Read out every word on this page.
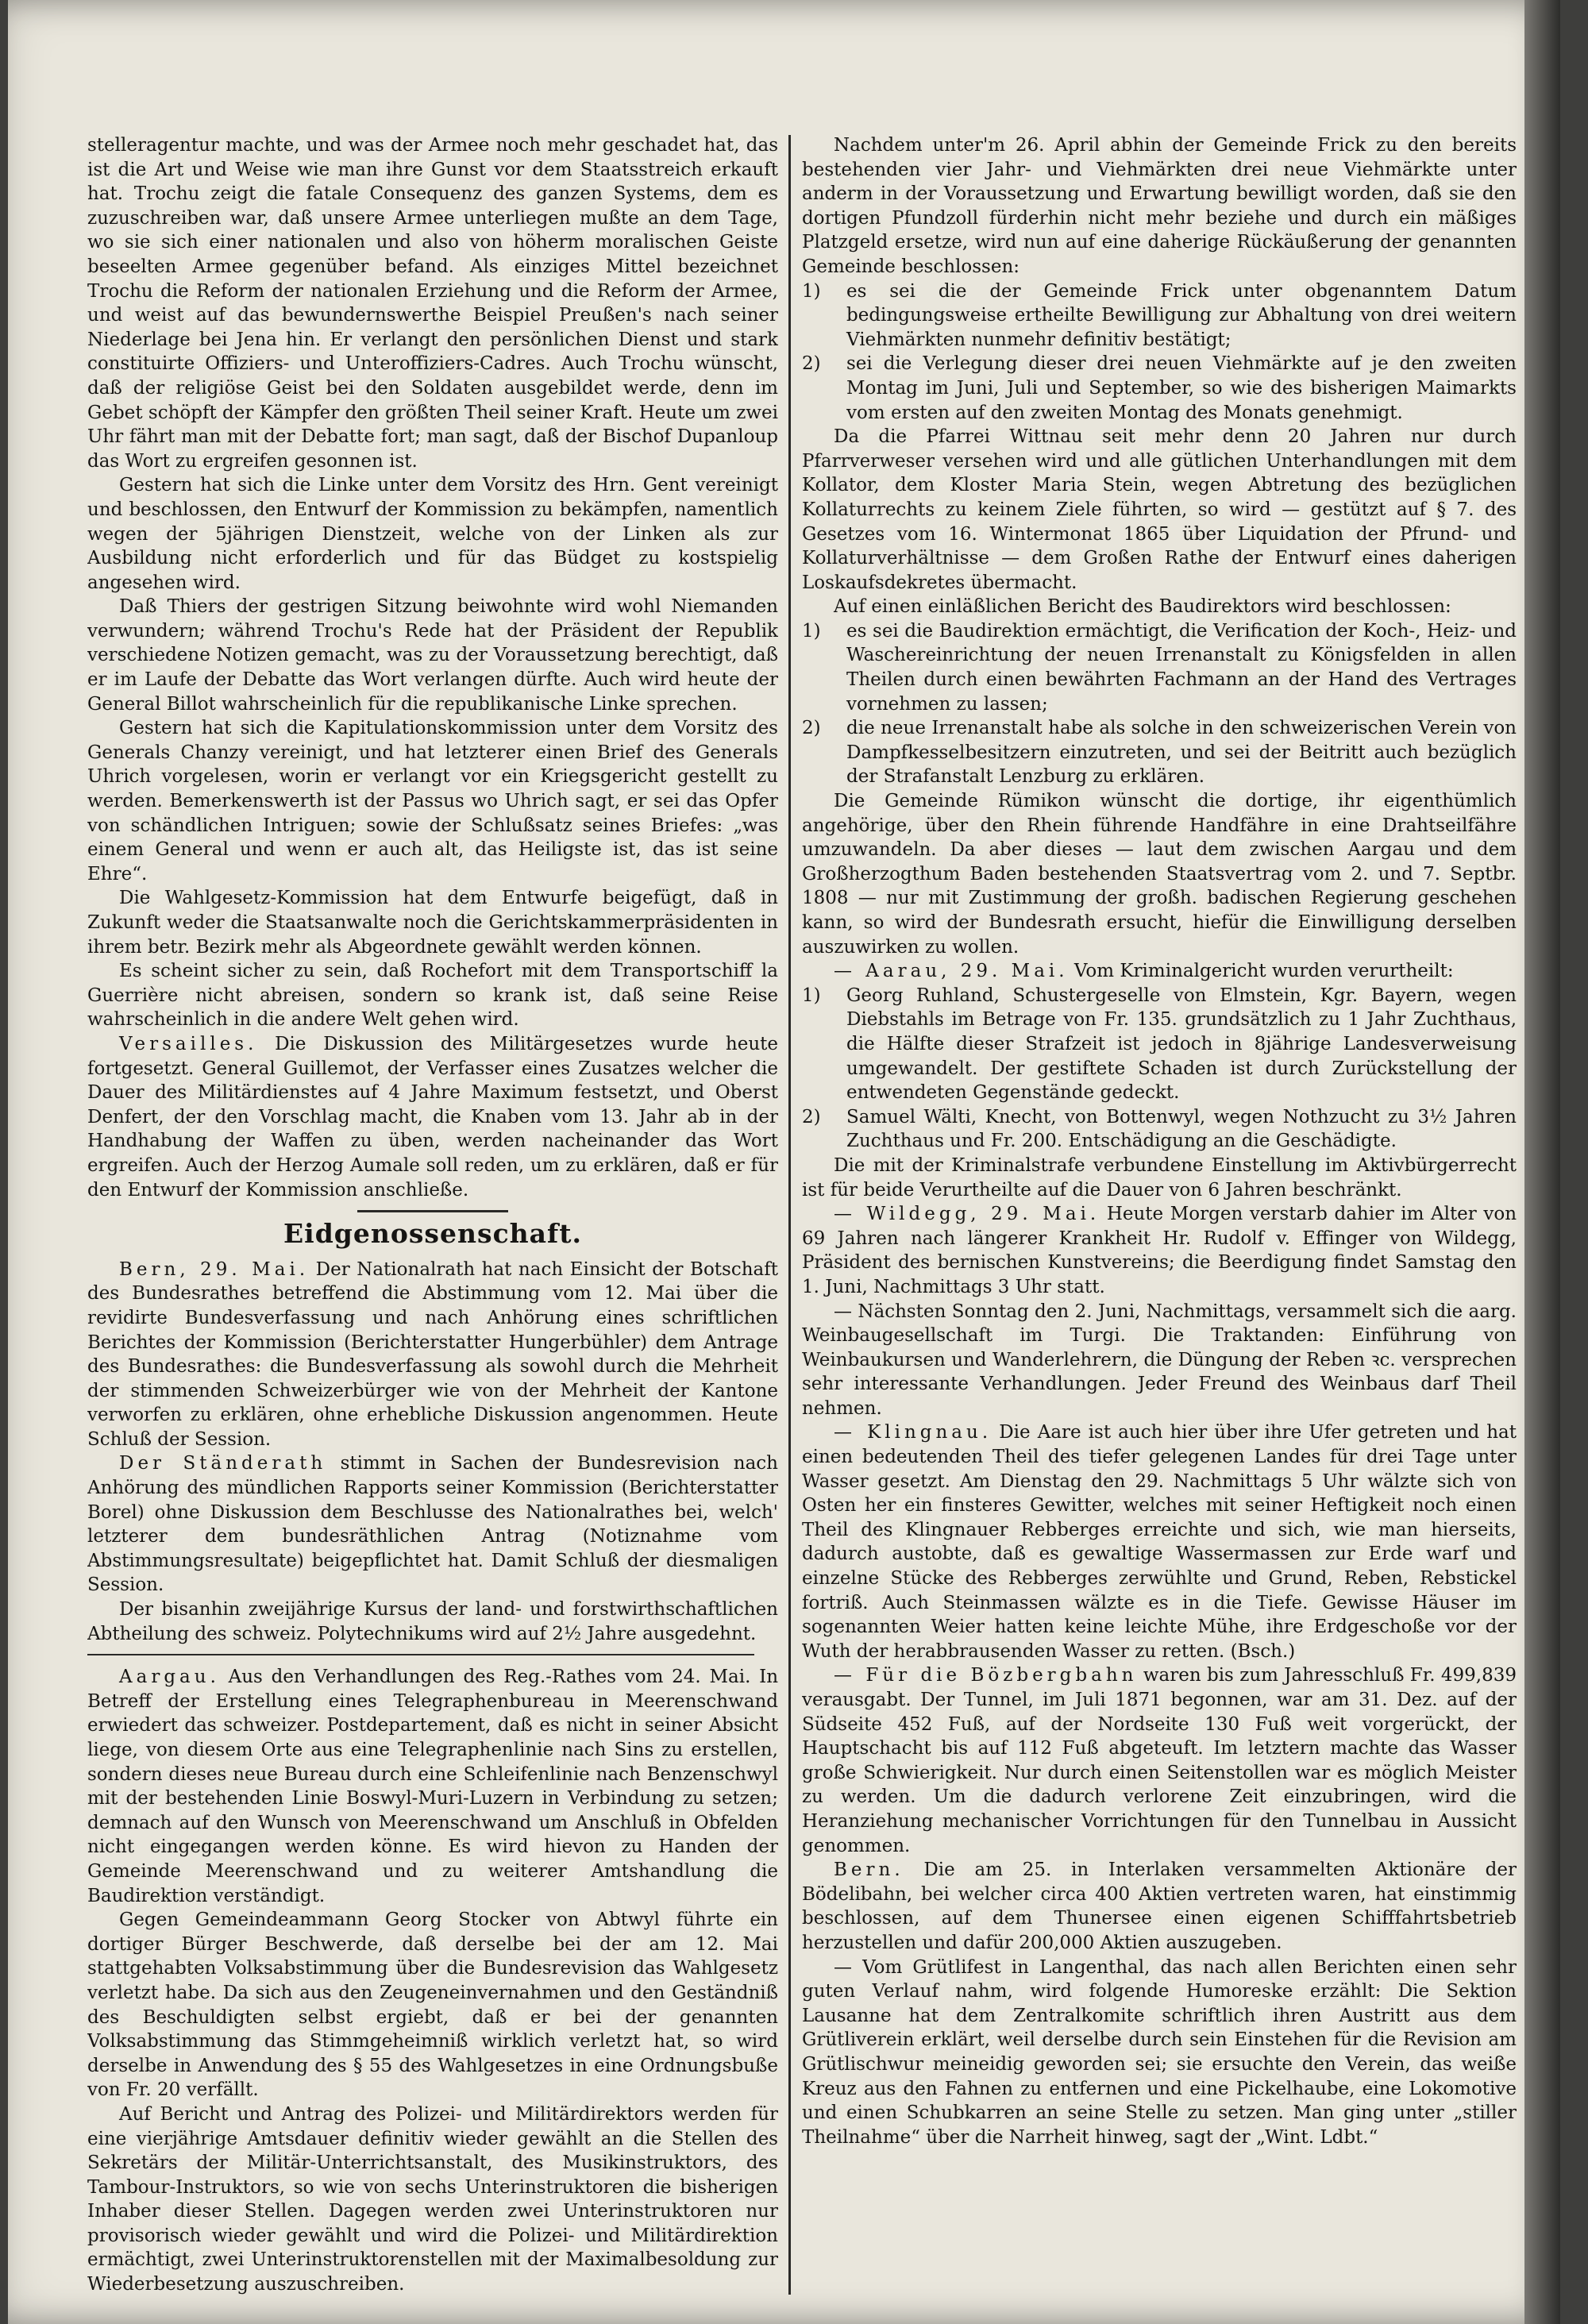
stelleragentur machte, und was der Armee noch mehr geschadet hat, das ist die Art und Weise wie man ihre Gunst vor dem Staatsstreich erkauft hat. Trochu zeigt die fatale Consequenz des ganzen Systems, dem es zuzuschreiben war, daß unsere Armee unterliegen mußte an dem Tage, wo sie sich einer nationalen und also von höherm moralischen Geiste beseelten Armee gegenüber befand. Als einziges Mittel bezeichnet Trochu die Reform der nationalen Erziehung und die Reform der Armee, und weist auf das bewundernswerthe Beispiel Preußen's nach seiner Niederlage bei Jena hin. Er verlangt den persönlichen Dienst und stark constituirte Offiziers- und Unteroffiziers-Cadres. Auch Trochu wünscht, daß der religiöse Geist bei den Soldaten ausgebildet werde, denn im Gebet schöpft der Kämpfer den größten Theil seiner Kraft. Heute um zwei Uhr fährt man mit der Debatte fort; man sagt, daß der Bischof Dupanloup das Wort zu ergreifen gesonnen ist.

Gestern hat sich die Linke unter dem Vorsitz des Hrn. Gent vereinigt und beschlossen, den Entwurf der Kommission zu bekämpfen, namentlich wegen der 5jährigen Dienstzeit, welche von der Linken als zur Ausbildung nicht erforderlich und für das Büdget zu kostspielig angesehen wird.

Daß Thiers der gestrigen Sitzung beiwohnte wird wohl Niemanden verwundern; während Trochu's Rede hat der Präsident der Republik verschiedene Notizen gemacht, was zu der Voraussetzung berechtigt, daß er im Laufe der Debatte das Wort verlangen dürfte. Auch wird heute der General Billot wahrscheinlich für die republikanische Linke sprechen.

Gestern hat sich die Kapitulationskommission unter dem Vorsitz des Generals Chanzy vereinigt, und hat letzterer einen Brief des Generals Uhrich vorgelesen, worin er verlangt vor ein Kriegsgericht gestellt zu werden. Bemerkenswerth ist der Passus wo Uhrich sagt, er sei das Opfer von schändlichen Intriguen; sowie der Schlußsatz seines Briefes: „was einem General und wenn er auch alt, das Heiligste ist, das ist seine Ehre“.

Die Wahlgesetz-Kommission hat dem Entwurfe beigefügt, daß in Zukunft weder die Staatsanwalte noch die Gerichtskammerpräsidenten in ihrem betr. Bezirk mehr als Abgeordnete gewählt werden können.

Es scheint sicher zu sein, daß Rochefort mit dem Transportschiff la Guerrière nicht abreisen, sondern so krank ist, daß seine Reise wahrscheinlich in die andere Welt gehen wird.

Versailles. Die Diskussion des Militärgesetzes wurde heute fortgesetzt. General Guillemot, der Verfasser eines Zusatzes welcher die Dauer des Militärdienstes auf 4 Jahre Maximum festsetzt, und Oberst Denfert, der den Vorschlag macht, die Knaben vom 13. Jahr ab in der Handhabung der Waffen zu üben, werden nacheinander das Wort ergreifen. Auch der Herzog Aumale soll reden, um zu erklären, daß er für den Entwurf der Kommission anschließe.

Eidgenossenschaft.

Bern, 29. Mai. Der Nationalrath hat nach Einsicht der Botschaft des Bundesrathes betreffend die Abstimmung vom 12. Mai über die revidirte Bundesverfassung und nach Anhörung eines schriftlichen Berichtes der Kommission (Berichterstatter Hungerbühler) dem Antrage des Bundesrathes: die Bundesverfassung als sowohl durch die Mehrheit der stimmenden Schweizerbürger wie von der Mehrheit der Kantone verworfen zu erklären, ohne erhebliche Diskussion angenommen. Heute Schluß der Session.

Der Ständerath stimmt in Sachen der Bundesrevision nach Anhörung des mündlichen Rapports seiner Kommission (Berichterstatter Borel) ohne Diskussion dem Beschlusse des Nationalrathes bei, welch' letzterer dem bundesräthlichen Antrag (Notiznahme vom Abstimmungsresultate) beigepflichtet hat. Damit Schluß der diesmaligen Session.

Der bisanhin zweijährige Kursus der land- und forstwirthschaftlichen Abtheilung des schweiz. Polytechnikums wird auf 2½ Jahre ausgedehnt.

Aargau. Aus den Verhandlungen des Reg.-Rathes vom 24. Mai. In Betreff der Erstellung eines Telegraphenbureau in Meerenschwand erwiedert das schweizer. Postdepartement, daß es nicht in seiner Absicht liege, von diesem Orte aus eine Telegraphenlinie nach Sins zu erstellen, sondern dieses neue Bureau durch eine Schleifenlinie nach Benzenschwyl mit der bestehenden Linie Boswyl-Muri-Luzern in Verbindung zu setzen; demnach auf den Wunsch von Meerenschwand um Anschluß in Obfelden nicht eingegangen werden könne. Es wird hievon zu Handen der Gemeinde Meerenschwand und zu weiterer Amtshandlung die Baudirektion verständigt.

Gegen Gemeindeammann Georg Stocker von Abtwyl führte ein dortiger Bürger Beschwerde, daß derselbe bei der am 12. Mai stattgehabten Volksabstimmung über die Bundesrevision das Wahlgesetz verletzt habe. Da sich aus den Zeugeneinvernahmen und den Geständniß des Beschuldigten selbst ergiebt, daß er bei der genannten Volksabstimmung das Stimmgeheimniß wirklich verletzt hat, so wird derselbe in Anwendung des § 55 des Wahlgesetzes in eine Ordnungsbuße von Fr. 20 verfällt.

Auf Bericht und Antrag des Polizei- und Militärdirektors werden für eine vierjährige Amtsdauer definitiv wieder gewählt an die Stellen des Sekretärs der Militär-Unterrichtsanstalt, des Musikinstruktors, des Tambour-Instruktors, so wie von sechs Unterinstruktoren die bisherigen Inhaber dieser Stellen. Dagegen werden zwei Unterinstruktoren nur provisorisch wieder gewählt und wird die Polizei- und Militärdirektion ermächtigt, zwei Unterinstruktorenstellen mit der Maximalbesoldung zur Wiederbesetzung auszuschreiben.

Nachdem unter'm 26. April abhin der Gemeinde Frick zu den bereits bestehenden vier Jahr- und Viehmärkten drei neue Viehmärkte unter anderm in der Voraussetzung und Erwartung bewilligt worden, daß sie den dortigen Pfundzoll fürderhin nicht mehr beziehe und durch ein mäßiges Platzgeld ersetze, wird nun auf eine daherige Rückäußerung der genannten Gemeinde beschlossen:

1) es sei die der Gemeinde Frick unter obgenanntem Datum bedingungsweise ertheilte Bewilligung zur Abhaltung von drei weitern Viehmärkten nunmehr definitiv bestätigt;
2) sei die Verlegung dieser drei neuen Viehmärkte auf je den zweiten Montag im Juni, Juli und September, so wie des bisherigen Maimarkts vom ersten auf den zweiten Montag des Monats genehmigt.

Da die Pfarrei Wittnau seit mehr denn 20 Jahren nur durch Pfarrverweser versehen wird und alle gütlichen Unterhandlungen mit dem Kollator, dem Kloster Maria Stein, wegen Abtretung des bezüglichen Kollaturrechts zu keinem Ziele führten, so wird — gestützt auf § 7. des Gesetzes vom 16. Wintermonat 1865 über Liquidation der Pfrund- und Kollaturverhältnisse — dem Großen Rathe der Entwurf eines daherigen Loskaufsdekretes übermacht.

Auf einen einläßlichen Bericht des Baudirektors wird beschlossen:

1) es sei die Baudirektion ermächtigt, die Verification der Koch-, Heiz- und Waschereinrichtung der neuen Irrenanstalt zu Königsfelden in allen Theilen durch einen bewährten Fachmann an der Hand des Vertrages vornehmen zu lassen;
2) die neue Irrenanstalt habe als solche in den schweizerischen Verein von Dampfkesselbesitzern einzutreten, und sei der Beitritt auch bezüglich der Strafanstalt Lenzburg zu erklären.

Die Gemeinde Rümikon wünscht die dortige, ihr eigenthümlich angehörige, über den Rhein führende Handfähre in eine Drahtseilfähre umzuwandeln. Da aber dieses — laut dem zwischen Aargau und dem Großherzogthum Baden bestehenden Staatsvertrag vom 2. und 7. Septbr. 1808 — nur mit Zustimmung der großh. badischen Regierung geschehen kann, so wird der Bundesrath ersucht, hiefür die Einwilligung derselben auszuwirken zu wollen.

— Aarau, 29. Mai. Vom Kriminalgericht wurden verurtheilt:

1) Georg Ruhland, Schustergeselle von Elmstein, Kgr. Bayern, wegen Diebstahls im Betrage von Fr. 135. grundsätzlich zu 1 Jahr Zuchthaus, die Hälfte dieser Strafzeit ist jedoch in 8jährige Landesverweisung umgewandelt. Der gestiftete Schaden ist durch Zurückstellung der entwendeten Gegenstände gedeckt.
2) Samuel Wälti, Knecht, von Bottenwyl, wegen Nothzucht zu 3½ Jahren Zuchthaus und Fr. 200. Entschädigung an die Geschädigte.

Die mit der Kriminalstrafe verbundene Einstellung im Aktivbürgerrecht ist für beide Verurtheilte auf die Dauer von 6 Jahren beschränkt.

— Wildegg, 29. Mai. Heute Morgen verstarb dahier im Alter von 69 Jahren nach längerer Krankheit Hr. Rudolf v. Effinger von Wildegg, Präsident des bernischen Kunstvereins; die Beerdigung findet Samstag den 1. Juni, Nachmittags 3 Uhr statt.

— Nächsten Sonntag den 2. Juni, Nachmittags, versammelt sich die aarg. Weinbaugesellschaft im Turgi. Die Traktanden: Einführung von Weinbaukursen und Wanderlehrern, die Düngung der Reben ꝛc. versprechen sehr interessante Verhandlungen. Jeder Freund des Weinbaus darf Theil nehmen.

— Klingnau. Die Aare ist auch hier über ihre Ufer getreten und hat einen bedeutenden Theil des tiefer gelegenen Landes für drei Tage unter Wasser gesetzt. Am Dienstag den 29. Nachmittags 5 Uhr wälzte sich von Osten her ein finsteres Gewitter, welches mit seiner Heftigkeit noch einen Theil des Klingnauer Rebberges erreichte und sich, wie man hierseits, dadurch austobte, daß es gewaltige Wassermassen zur Erde warf und einzelne Stücke des Rebberges zerwühlte und Grund, Reben, Rebstickel fortriß. Auch Steinmassen wälzte es in die Tiefe. Gewisse Häuser im sogenannten Weier hatten keine leichte Mühe, ihre Erdgeschoße vor der Wuth der herabbrausenden Wasser zu retten. (Bsch.)

— Für die Bözbergbahn waren bis zum Jahresschluß Fr. 499,839 verausgabt. Der Tunnel, im Juli 1871 begonnen, war am 31. Dez. auf der Südseite 452 Fuß, auf der Nordseite 130 Fuß weit vorgerückt, der Hauptschacht bis auf 112 Fuß abgeteuft. Im letztern machte das Wasser große Schwierigkeit. Nur durch einen Seitenstollen war es möglich Meister zu werden. Um die dadurch verlorene Zeit einzubringen, wird die Heranziehung mechanischer Vorrichtungen für den Tunnelbau in Aussicht genommen.

Bern. Die am 25. in Interlaken versammelten Aktionäre der Bödelibahn, bei welcher circa 400 Aktien vertreten waren, hat einstimmig beschlossen, auf dem Thunersee einen eigenen Schifffahrtsbetrieb herzustellen und dafür 200,000 Aktien auszugeben.

— Vom Grütlifest in Langenthal, das nach allen Berichten einen sehr guten Verlauf nahm, wird folgende Humoreske erzählt: Die Sektion Lausanne hat dem Zentralkomite schriftlich ihren Austritt aus dem Grütliverein erklärt, weil derselbe durch sein Einstehen für die Revision am Grütlischwur meineidig geworden sei; sie ersuchte den Verein, das weiße Kreuz aus den Fahnen zu entfernen und eine Pickelhaube, eine Lokomotive und einen Schubkarren an seine Stelle zu setzen. Man ging unter „stiller Theilnahme“ über die Narrheit hinweg, sagt der „Wint. Ldbt.“
